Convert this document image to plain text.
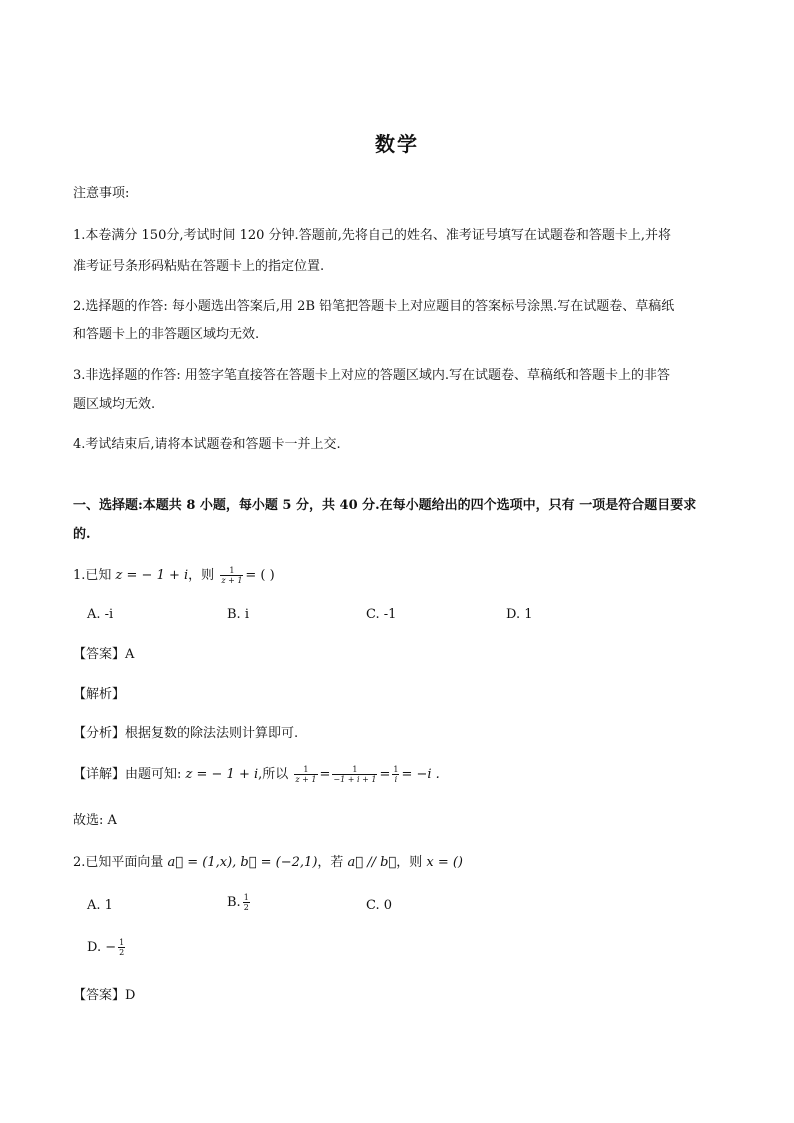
数学
注意事项:
1.本卷满分 150分,考试时间 120 分钟.答题前,先将自己的姓名、准考证号填写在试题卷和答题卡上,并将
准考证号条形码粘贴在答题卡上的指定位置.
2.选择题的作答: 每小题选出答案后,用 2B 铅笔把答题卡上对应题目的答案标号涂黑.写在试题卷、草稿纸
和答题卡上的非答题区域均无效.
3.非选择题的作答: 用签字笔直接答在答题卡上对应的答题区域内.写在试题卷、草稿纸和答题卡上的非答
题区域均无效.
4.考试结束后,请将本试题卷和答题卡一并上交.
一、选择题:本题共 8 小题，每小题 5 分，共 40 分.在每小题给出的四个选项中，只有 一项是符合题目要求
的.
1.已知 z = − 1 + i，则 $\frac{1}{z + 1}$ = ( )
A. -i	B. i	C. -1	D. 1
【答案】A
【解析】
【分析】根据复数的除法法则计算即可.
【详解】由题可知: z = − 1 + i,所以 $\frac{1}{z + 1} = \frac{1}{-1 + i + 1} = \frac{1}{i} = -i$ .
故选: A
2.已知平面向量 a⃗ = (1,x), b⃗ = (−2,1)，若 a⃗ // b⃗，则 x = ()
A. 1	B. $\frac{1}{2}$	C. 0
D. − $\frac{1}{2}$
【答案】D
